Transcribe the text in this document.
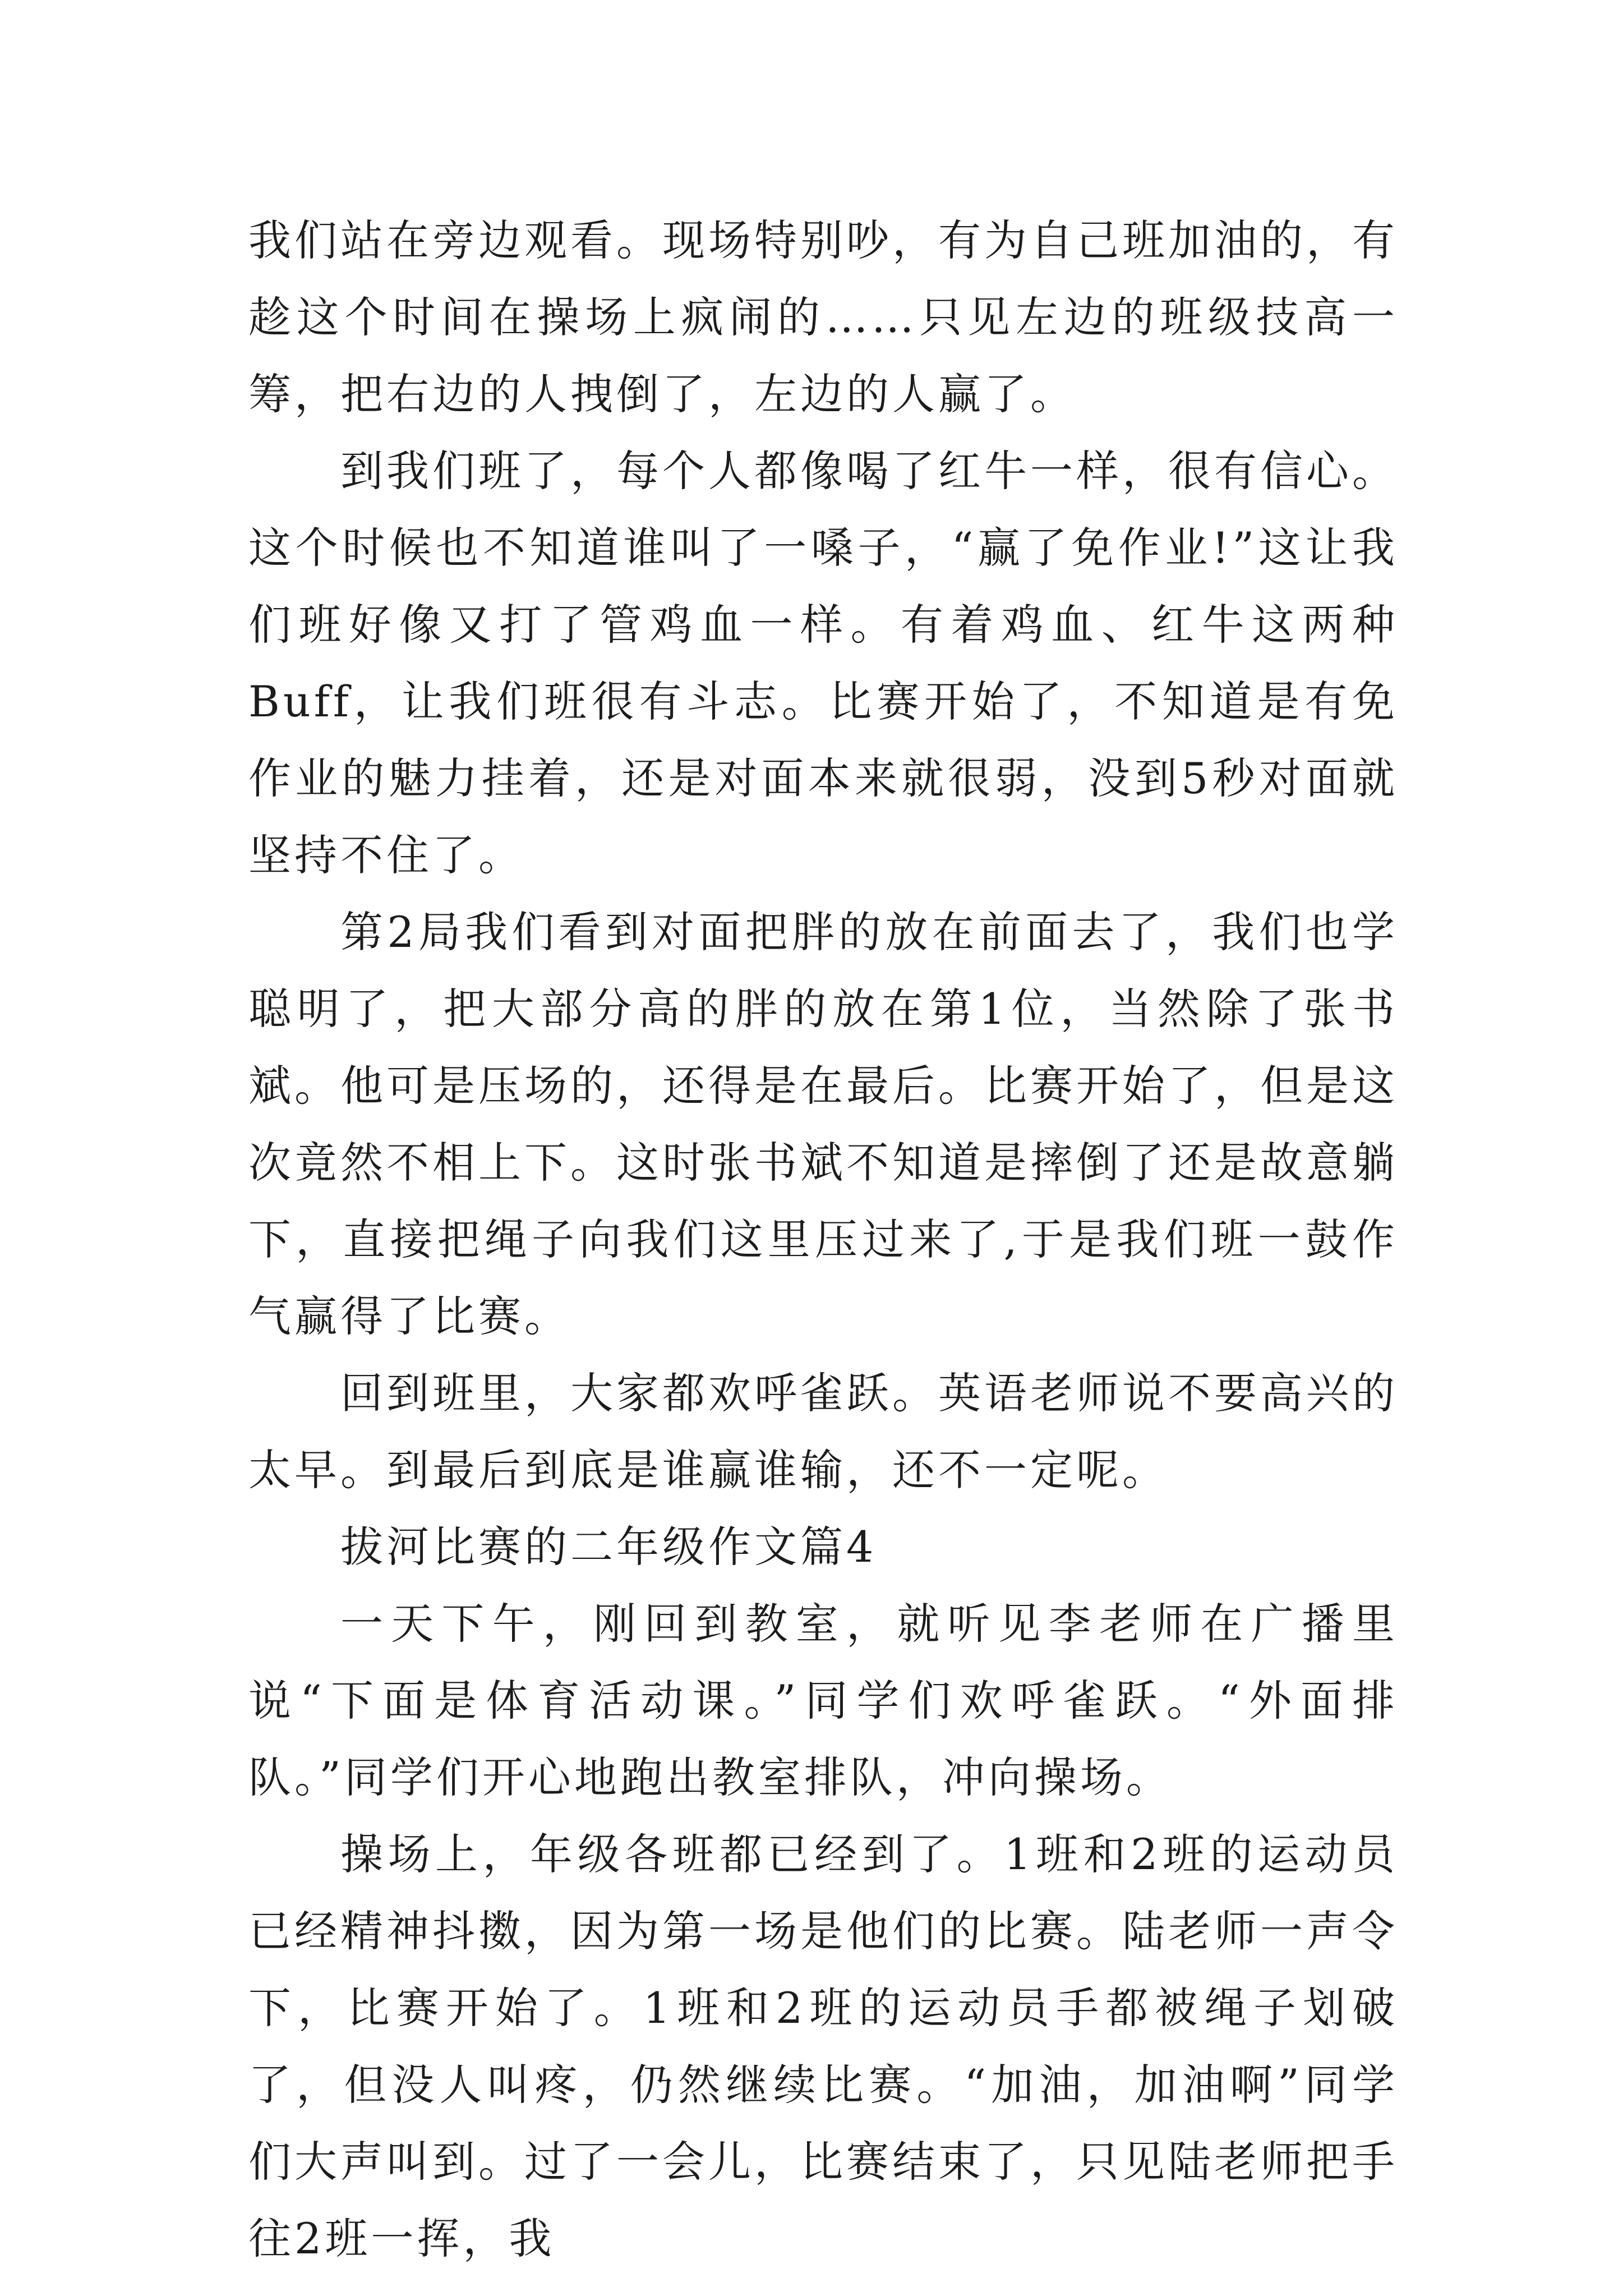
我们站在旁边观看。现场特别吵，有为自己班加油的，有趁这个时间在操场上疯闹的……只见左边的班级技高一筹，把右边的人拽倒了，左边的人赢了。

到我们班了，每个人都像喝了红牛一样，很有信心。这个时候也不知道谁叫了一嗓子，“赢了免作业!”这让我们班好像又打了管鸡血一样。有着鸡血、红牛这两种Buff，让我们班很有斗志。比赛开始了，不知道是有免作业的魅力挂着，还是对面本来就很弱，没到5秒对面就坚持不住了。

第2局我们看到对面把胖的放在前面去了，我们也学聪明了，把大部分高的胖的放在第1位，当然除了张书斌。他可是压场的，还得是在最后。比赛开始了，但是这次竟然不相上下。这时张书斌不知道是摔倒了还是故意躺下，直接把绳子向我们这里压过来了,于是我们班一鼓作气赢得了比赛。

回到班里，大家都欢呼雀跃。英语老师说不要高兴的太早。到最后到底是谁赢谁输，还不一定呢。

拔河比赛的二年级作文篇4

一天下午，刚回到教室，就听见李老师在广播里说“下面是体育活动课。”同学们欢呼雀跃。“外面排队。”同学们开心地跑出教室排队，冲向操场。

操场上，年级各班都已经到了。1班和2班的运动员已经精神抖擞，因为第一场是他们的比赛。陆老师一声令下，比赛开始了。1班和2班的运动员手都被绳子划破了，但没人叫疼，仍然继续比赛。“加油，加油啊”同学们大声叫到。过了一会儿，比赛结束了，只见陆老师把手往2班一挥，我
